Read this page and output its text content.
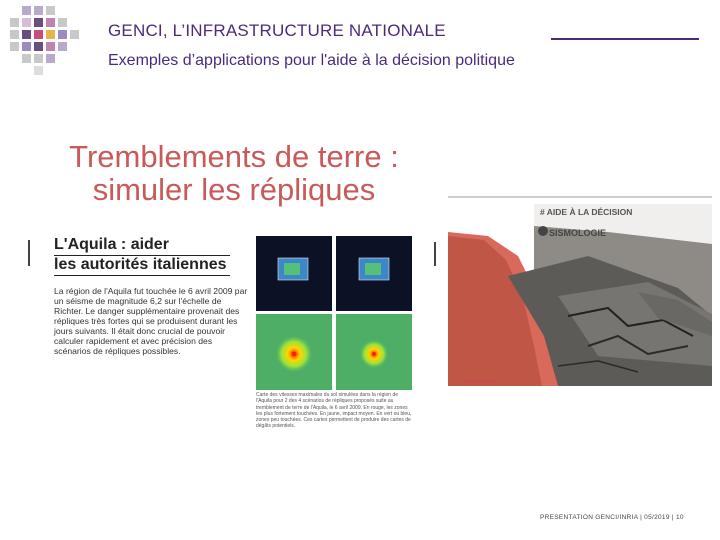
GENCI, L’INFRASTRUCTURE NATIONALE
Exemples d’applications pour l'aide à la décision politique
Tremblements de terre :
simuler les répliques
L'Aquila : aider
les autorités italiennes
La région de l'Aquila fut touchée le 6 avril 2009 par un séisme de magnitude 6,2 sur l'échelle de Richter. Le danger supplémentaire provenait des répliques très fortes qui se produisent durant les jours suivants. Il était donc crucial de pouvoir calculer rapidement et avec précision des scénarios de répliques possibles.
Carte des vitesses maximales du sol simulées dans la région de l'Aquila pour 2 des 4 scénarios de répliques proposés suite au tremblement de terre de l'Aquila, le 6 avril 2009. En rouge, les zones les plus fortement touchées. En jaune, impact moyen. En vert ou bleu, zones peu touchées. Ces cartes permettent de produire des cartes de dégâts potentiels.
# AIDE À LA DÉCISION
SISMOLOGIE
PRESENTATION GENCI/INRIA | 05/2019 | 10
